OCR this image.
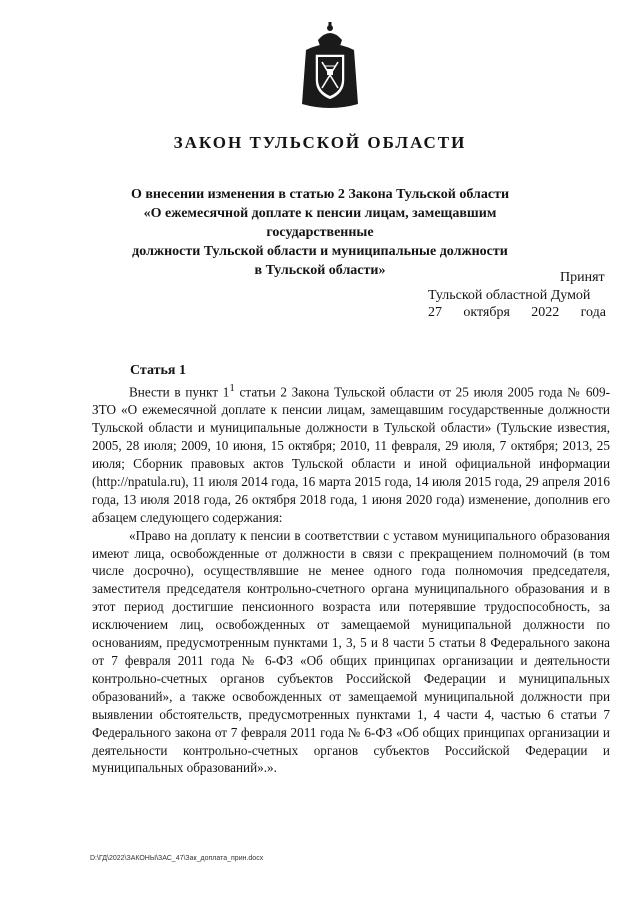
ЗАКОН ТУЛЬСКОЙ ОБЛАСТИ
О внесении изменения в статью 2 Закона Тульской области
«О ежемесячной доплате к пенсии лицам, замещавшим государственные
должности Тульской области и муниципальные должности
в Тульской области»	Принят
Тульской областной Думой
27 октября 2022 года
Статья 1

Внести в пункт $1^1$ статьи 2 Закона Тульской области от 25 июля 2005 года № 609-ЗТО «О ежемесячной доплате к пенсии лицам, замещавшим государственные должности Тульской области и муниципальные должности в Тульской области» (Тульские известия, 2005, 28 июля; 2009, 10 июня, 15 октября; 2010, 11 февраля, 29 июля, 7 октября; 2013, 25 июля; Сборник правовых актов Тульской области и иной официальной информации (http://npatula.ru), 11 июля 2014 года, 16 марта 2015 года, 14 июля 2015 года, 29 апреля 2016 года, 13 июля 2018 года, 26 октября 2018 года, 1 июня 2020 года) изменение, дополнив его абзацем следующего содержания:

«Право на доплату к пенсии в соответствии с уставом муниципального образования имеют лица, освобожденные от должности в связи с прекращением полномочий (в том числе досрочно), осуществлявшие не менее одного года полномочия председателя, заместителя председателя контрольно-счетного органа муниципального образования и в этот период достигшие пенсионного возраста или потерявшие трудоспособность, за исключением лиц, освобожденных от замещаемой муниципальной должности по основаниям, предусмотренным пунктами 1, 3, 5 и 8 части 5 статьи 8 Федерального закона от 7 февраля 2011 года № 6-ФЗ «Об общих принципах организации и деятельности контрольно-счетных органов субъектов Российской Федерации и муниципальных образований», а также освобожденных от замещаемой муниципальной должности при выявлении обстоятельств, предусмотренных пунктами 1, 4 части 4, частью 6 статьи 7 Федерального закона от 7 февраля 2011 года № 6-ФЗ «Об общих принципах организации и деятельности контрольно-счетных органов субъектов Российской Федерации и муниципальных образований».».

D:\ГД\2022\ЗАКОНЫ\ЗАС_47\Зак_доплата_прин.docx
